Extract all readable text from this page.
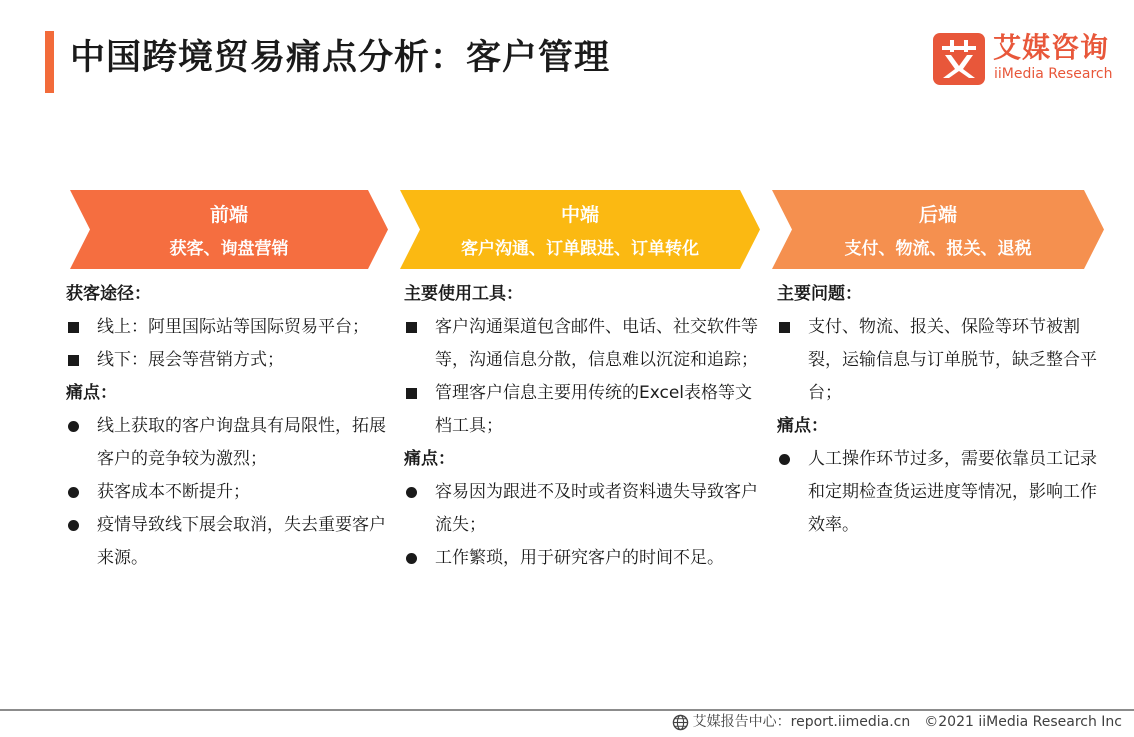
中国跨境贸易痛点分析：客户管理	艾媒咨询
iiMedia Research
前端
获客、询盘营销
中端
客户沟通、订单跟进、订单转化
后端
支付、物流、报关、退税
获客途径：
线上：阿里国际站等国际贸易平台；
线下：展会等营销方式；
痛点：
线上获取的客户询盘具有局限性，拓展客户的竞争较为激烈；
获客成本不断提升；
疫情导致线下展会取消，失去重要客户来源。
主要使用工具：
客户沟通渠道包含邮件、电话、社交软件等等，沟通信息分散，信息难以沉淀和追踪；
管理客户信息主要用传统的Excel表格等文档工具；
痛点：
容易因为跟进不及时或者资料遗失导致客户流失；
工作繁琐，用于研究客户的时间不足。
主要问题：
支付、物流、报关、保险等环节被割裂，运输信息与订单脱节，缺乏整合平台；
痛点：
人工操作环节过多，需要依靠员工记录和定期检查货运进度等情况，影响工作效率。
艾媒报告中心：report.iimedia.cn ©2021 iiMedia Research Inc
